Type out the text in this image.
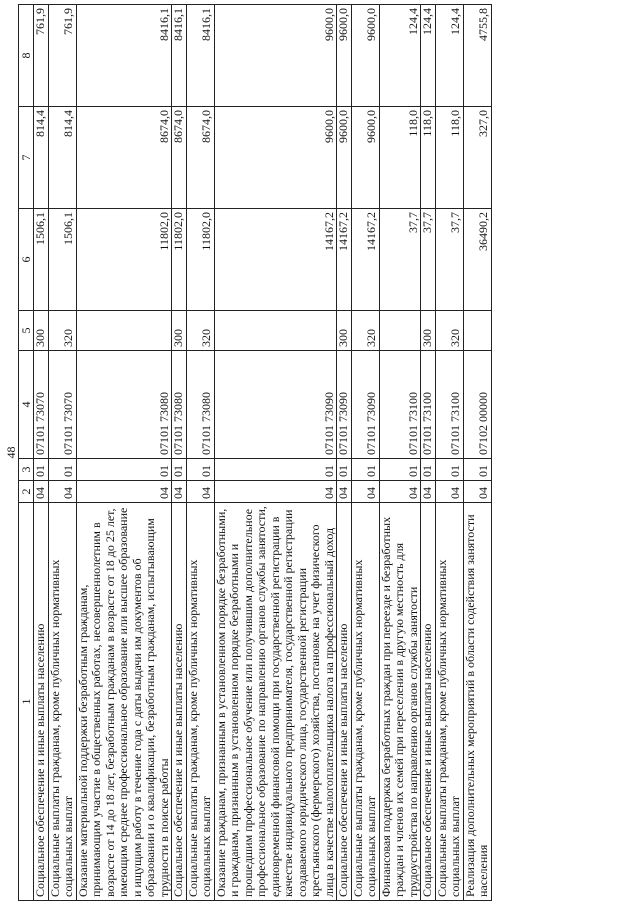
48
1	2	3	4	5	6	7	8
Социальное обеспечение и иные выплаты населению	04	01	07101 73070	300	1506,1	814,4	761,9
Социальные выплаты гражданам, кроме публичных нормативных социальных выплат	04	01	07101 73070	320	1506,1	814,4	761,9
Оказание материальной поддержки безработным гражданам, принимающим участие в общественных работах, несовершеннолетним в возрасте от 14 до 18 лет, безработным гражданам в возрасте от 18 до 25 лет, имеющим среднее профессиональное образование или высшее образование и ищущим работу в течение года с даты выдачи им документов об образовании и о квалификации, безработным гражданам, испытывающим трудности в поиске работы	04	01	07101 73080		11802,0	8674,0	8416,1
Социальное обеспечение и иные выплаты населению	04	01	07101 73080	300	11802,0	8674,0	8416,1
Социальные выплаты гражданам, кроме публичных нормативных социальных выплат	04	01	07101 73080	320	11802,0	8674,0	8416,1
Оказание гражданам, признанным в установленном порядке безработными, и гражданам, признанным в установленном порядке безработными и прошедшим профессиональное обучение или получившим дополнительное профессиональное образование по направлению органов службы занятости, единовременной финансовой помощи при государственной регистрации в качестве индивидуального предпринимателя, государственной регистрации создаваемого юридического лица, государственной регистрации крестьянского (фермерского) хозяйства, постановке на учет физического лица в качестве налогоплательщика налога на профессиональный доход	04	01	07101 73090		14167,2	9600,0	9600,0
Социальное обеспечение и иные выплаты населению	04	01	07101 73090	300	14167,2	9600,0	9600,0
Социальные выплаты гражданам, кроме публичных нормативных социальных выплат	04	01	07101 73090	320	14167,2	9600,0	9600,0
Финансовая поддержка безработных граждан при переезде и безработных граждан и членов их семей при переселении в другую местность для трудоустройства по направлению органов службы занятости	04	01	07101 73100		37,7	118,0	124,4
Социальное обеспечение и иные выплаты населению	04	01	07101 73100	300	37,7	118,0	124,4
Социальные выплаты гражданам, кроме публичных нормативных социальных выплат	04	01	07101 73100	320	37,7	118,0	124,4
Реализация дополнительных мероприятий в области содействия занятости населения	04	01	07102 00000		36490,2	327,0	4755,8
